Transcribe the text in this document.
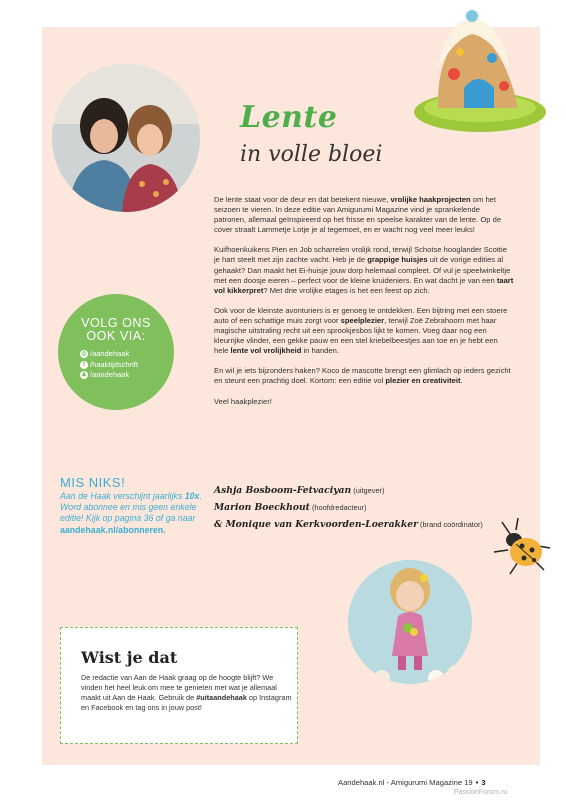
Lente
in volle bloei

De lente staat voor de deur en dat betekent nieuwe, vrolijke haakprojecten om het seizoen te vieren. In deze editie van Amigurumi Magazine vind je sprankelende patronen, allemaal geïnspireerd op het frisse en speelse karakter van de lente. Op de cover straalt Lammetje Lotje je al tegemoet, en er wacht nog veel meer leuks!

Kuifhoenkuikens Pien en Job scharrelen vrolijk rond, terwijl Schotse hooglander Scottie je hart steelt met zijn zachte vacht. Heb je de grappige huisjes uit de vorige edities al gehaakt? Dan maakt het Ei-huisje jouw dorp helemaal compleet. Of vul je speelwinkeltje met een doosje eieren – perfect voor de kleine kruideniers. En wat dacht je van een taart vol kikkerpret? Met drie vrolijke etages is het een feest op zich.

Ook voor de kleinste avonturiers is er genoeg te ontdekken. Een bijtring met een stoere auto of een schattige muis zorgt voor speelplezier, terwijl Zoë Zebrahoorn met haar magische uitstraling recht uit een sprookjesbos lijkt te komen. Voeg daar nog een kleurrijke vlinder, een gekke pauw en een stel kriebelbeestjes aan toe en je hebt een hele lente vol vrolijkheid in handen.

En wil je iets bijzonders haken? Koco de mascotte brengt een glimlach op ieders gezicht en steunt een prachtig doel. Kortom: een editie vol plezier en creativiteit.

Veel haakplezier!

Ashja Bosboom-Fetvaciyan (uitgever)
Marion Boeckhout (hoofdredacteur)
& Monique van Kerkvoorden-Loerakker (brand coördinator)
VOLG ONS
OOK VIA:
◎ /aandehaak
f /haaktijdschrift
♟ /aandehaak
MIS NIKS!
Aan de Haak verschijnt jaarlijks 10x. Word abonnee en mis geen enkele editie! Kijk op pagina 36 of ga naar aandehaak.nl/abonneren.
Wist je dat
De redactie van Aan de Haak graag op de hoogte blijft? We vinden het heel leuk om mee te genieten met wat je allemaal maakt uit Aan de Haak. Gebruik de #uitaandehaak op Instagram en Facebook en tag ons in jouw post!
Aandehaak.nl - Amigurumi Magazine 19 • 3
PassionForum.ru
